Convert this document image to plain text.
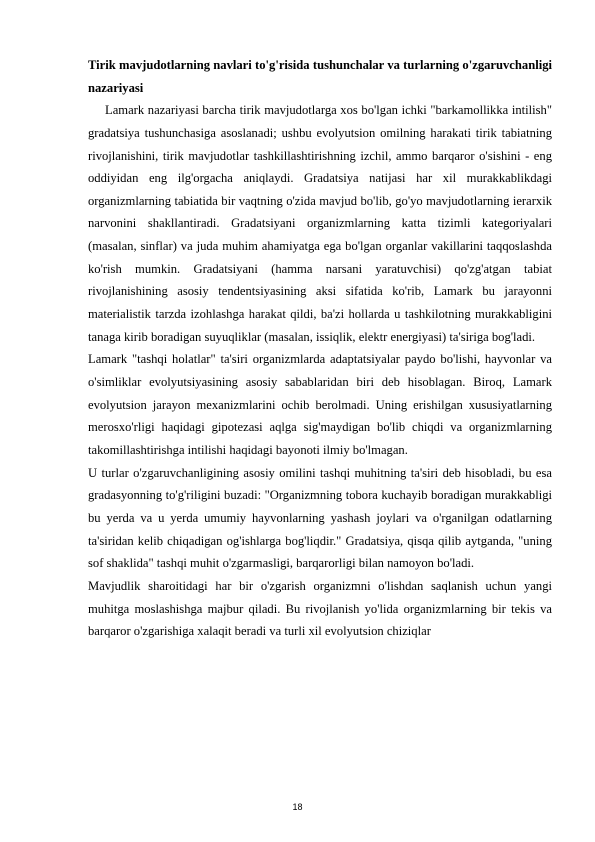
Tirik mavjudotlarning navlari to'g'risida tushunchalar va turlarning o'zgaruvchanligi nazariyasi

Lamark nazariyasi barcha tirik mavjudotlarga xos bo'lgan ichki "barkamollikka intilish" gradatsiya tushunchasiga asoslanadi; ushbu evolyutsion omilning harakati tirik tabiatning rivojlanishini, tirik mavjudotlar tashkillashtirishning izchil, ammo barqaror o'sishini - eng oddiyidan eng ilg'orgacha aniqlaydi. Gradatsiya natijasi har xil murakkablikdagi organizmlarning tabiatida bir vaqtning o'zida mavjud bo'lib, go'yo mavjudotlarning ierarxik narvonini shakllantiradi. Gradatsiyani organizmlarning katta tizimli kategoriyalari (masalan, sinflar) va juda muhim ahamiyatga ega bo'lgan organlar vakillarini taqqoslashda ko'rish mumkin. Gradatsiyani (hamma narsani yaratuvchisi) qo'zg'atgan tabiat rivojlanishining asosiy tendentsiyasining aksi sifatida ko'rib, Lamark bu jarayonni materialistik tarzda izohlashga harakat qildi, ba'zi hollarda u tashkilotning murakkabligini tanaga kirib boradigan suyuqliklar (masalan, issiqlik, elektr energiyasi) ta'siriga bog'ladi.

Lamark "tashqi holatlar" ta'siri organizmlarda adaptatsiyalar paydo bo'lishi, hayvonlar va o'simliklar evolyutsiyasining asosiy sabablaridan biri deb hisoblagan. Biroq, Lamark evolyutsion jarayon mexanizmlarini ochib berolmadi. Uning erishilgan xususiyatlarning merosxo'rligi haqidagi gipotezasi aqlga sig'maydigan bo'lib chiqdi va organizmlarning takomillashtirishga intilishi haqidagi bayonoti ilmiy bo'lmagan.

U turlar o'zgaruvchanligining asosiy omilini tashqi muhitning ta'siri deb hisobladi, bu esa gradasyonning to'g'riligini buzadi: "Organizmning tobora kuchayib boradigan murakkabligi bu yerda va u yerda umumiy hayvonlarning yashash joylari va o'rganilgan odatlarning ta'siridan kelib chiqadigan og'ishlarga bog'liqdir." Gradatsiya, qisqa qilib aytganda, "uning sof shaklida" tashqi muhit o'zgarmasligi, barqarorligi bilan namoyon bo'ladi.

Mavjudlik sharoitidagi har bir o'zgarish organizmni o'lishdan saqlanish uchun yangi muhitga moslashishga majbur qiladi. Bu rivojlanish yo'lida organizmlarning bir tekis va barqaror o'zgarishiga xalaqit beradi va turli xil evolyutsion chiziqlar

18
